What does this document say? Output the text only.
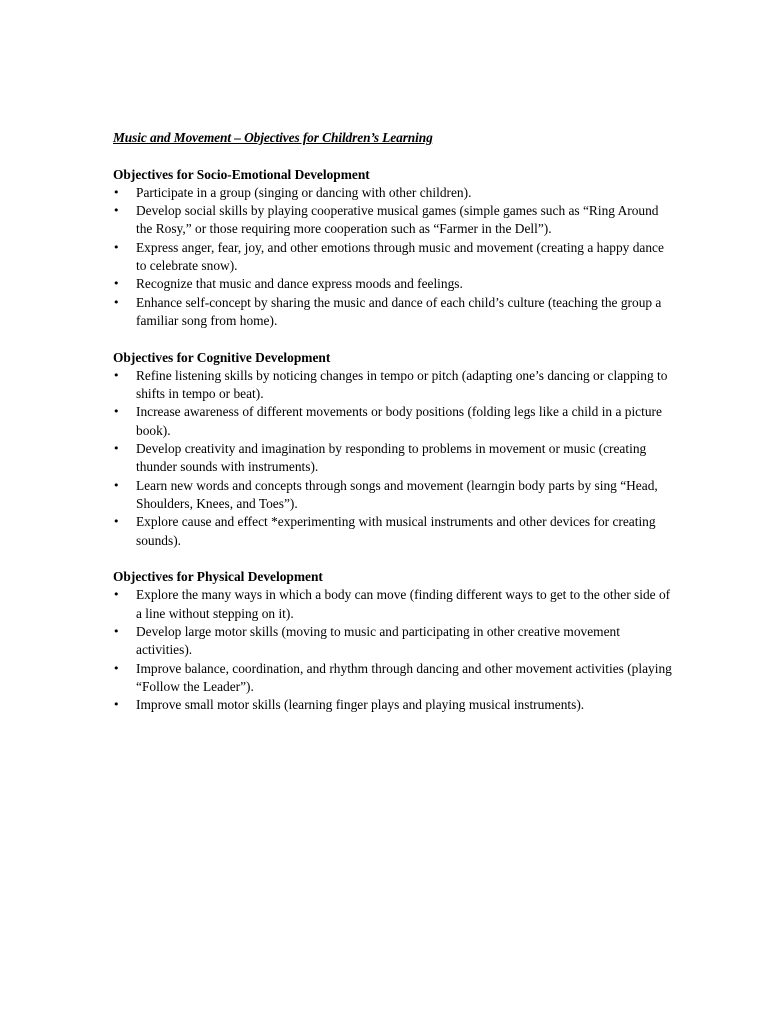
Music and Movement – Objectives for Children’s Learning

Objectives for Socio-Emotional Development

• Participate in a group (singing or dancing with other children).
• Develop social skills by playing cooperative musical games (simple games such as “Ring Around the Rosy,” or those requiring more cooperation such as “Farmer in the Dell”).
• Express anger, fear, joy, and other emotions through music and movement (creating a happy dance to celebrate snow).
• Recognize that music and dance express moods and feelings.
• Enhance self-concept by sharing the music and dance of each child’s culture (teaching the group a familiar song from home).

Objectives for Cognitive Development

• Refine listening skills by noticing changes in tempo or pitch (adapting one’s dancing or clapping to shifts in tempo or beat).
• Increase awareness of different movements or body positions (folding legs like a child in a picture book).
• Develop creativity and imagination by responding to problems in movement or music (creating thunder sounds with instruments).
• Learn new words and concepts through songs and movement (learngin body parts by sing “Head, Shoulders, Knees, and Toes”).
• Explore cause and effect *experimenting with musical instruments and other devices for creating sounds).

Objectives for Physical Development

• Explore the many ways in which a body can move (finding different ways to get to the other side of a line without stepping on it).
• Develop large motor skills (moving to music and participating in other creative movement activities).
• Improve balance, coordination, and rhythm through dancing and other movement activities (playing “Follow the Leader”).
• Improve small motor skills (learning finger plays and playing musical instruments).
